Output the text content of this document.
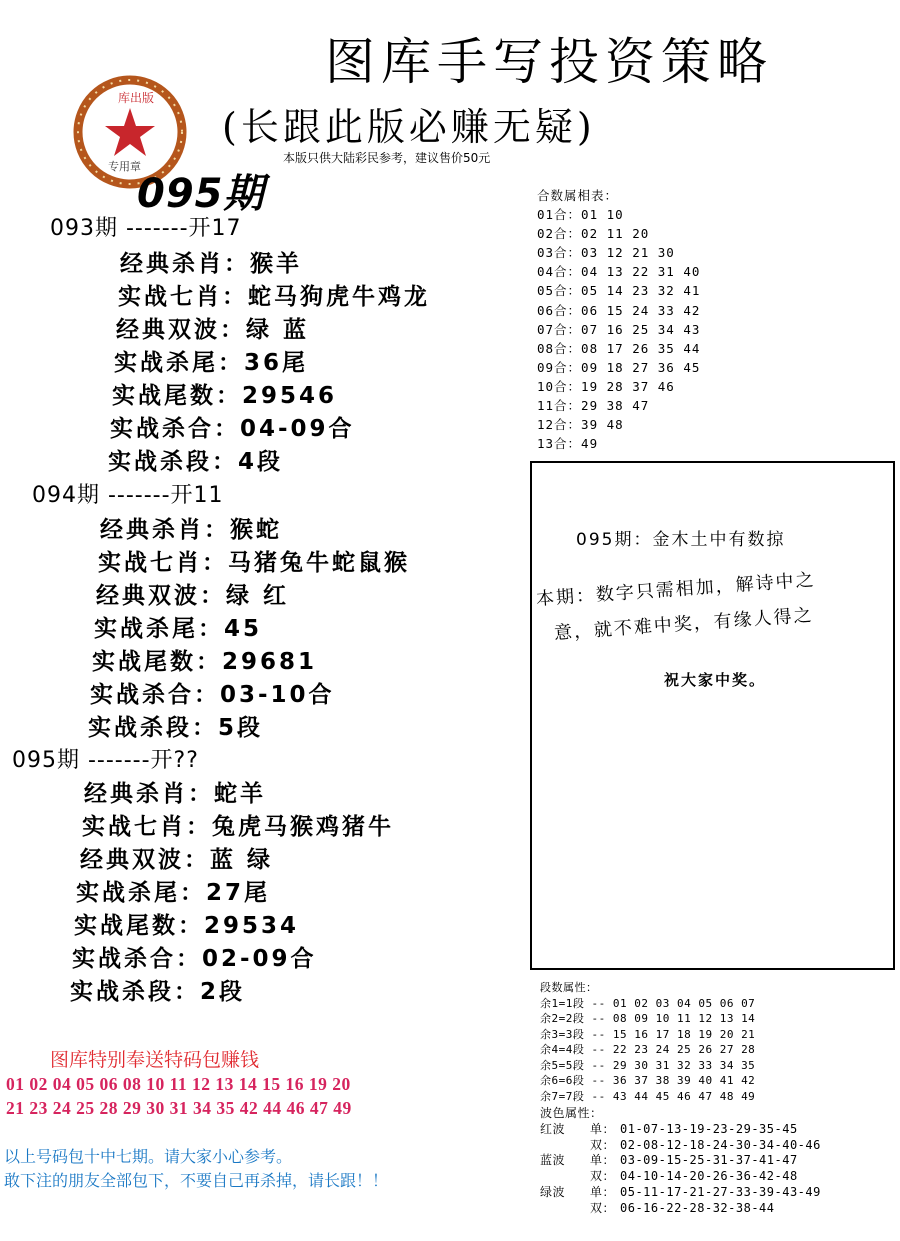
图库手写投资策略
(长跟此版必赚无疑)
本版只供大陆彩民参考，建议售价50元
库出版
专用章
095期
093期 -------开17
经典杀肖：猴羊
实战七肖：蛇马狗虎牛鸡龙
经典双波：绿 蓝
实战杀尾：36尾
实战尾数：29546
实战杀合：04-09合
实战杀段：4段
094期 -------开11
经典杀肖：猴蛇
实战七肖：马猪兔牛蛇鼠猴
经典双波：绿 红
实战杀尾：45
实战尾数：29681
实战杀合：03-10合
实战杀段：5段
095期 -------开??
经典杀肖：蛇羊
实战七肖：兔虎马猴鸡猪牛
经典双波：蓝 绿
实战杀尾：27尾
实战尾数：29534
实战杀合：02-09合
实战杀段：2段
合数属相表：
01合：01 10
02合：02 11 20
03合：03 12 21 30
04合：04 13 22 31 40
05合：05 14 23 32 41
06合：06 15 24 33 42
07合：07 16 25 34 43
08合：08 17 26 35 44
09合：09 18 27 36 45
10合：19 28 37 46
11合：29 38 47
12合：39 48
13合：49
095期：金木土中有数掠
本期：数字只需相加，解诗中之
意，就不难中奖，有缘人得之
祝大家中奖。
段数属性：
余1=1段 -- 01 02 03 04 05 06 07
余2=2段 -- 08 09 10 11 12 13 14
余3=3段 -- 15 16 17 18 19 20 21
余4=4段 -- 22 23 24 25 26 27 28
余5=5段 -- 29 30 31 32 33 34 35
余6=6段 -- 36 37 38 39 40 41 42
余7=7段 -- 43 44 45 46 47 48 49
波色属性：
红波 单： 01-07-13-19-23-29-35-45
双： 02-08-12-18-24-30-34-40-46
蓝波 单： 03-09-15-25-31-37-41-47
双： 04-10-14-20-26-36-42-48
绿波 单： 05-11-17-21-27-33-39-43-49
双： 06-16-22-28-32-38-44
图库特别奉送特码包赚钱
01 02 04 05 06 08 10 11 12 13 14 15 16 19 20
21 23 24 25 28 29 30 31 34 35 42 44 46 47 49
以上号码包十中七期。请大家小心参考。
敢下注的朋友全部包下，不要自己再杀掉，请长跟！！
